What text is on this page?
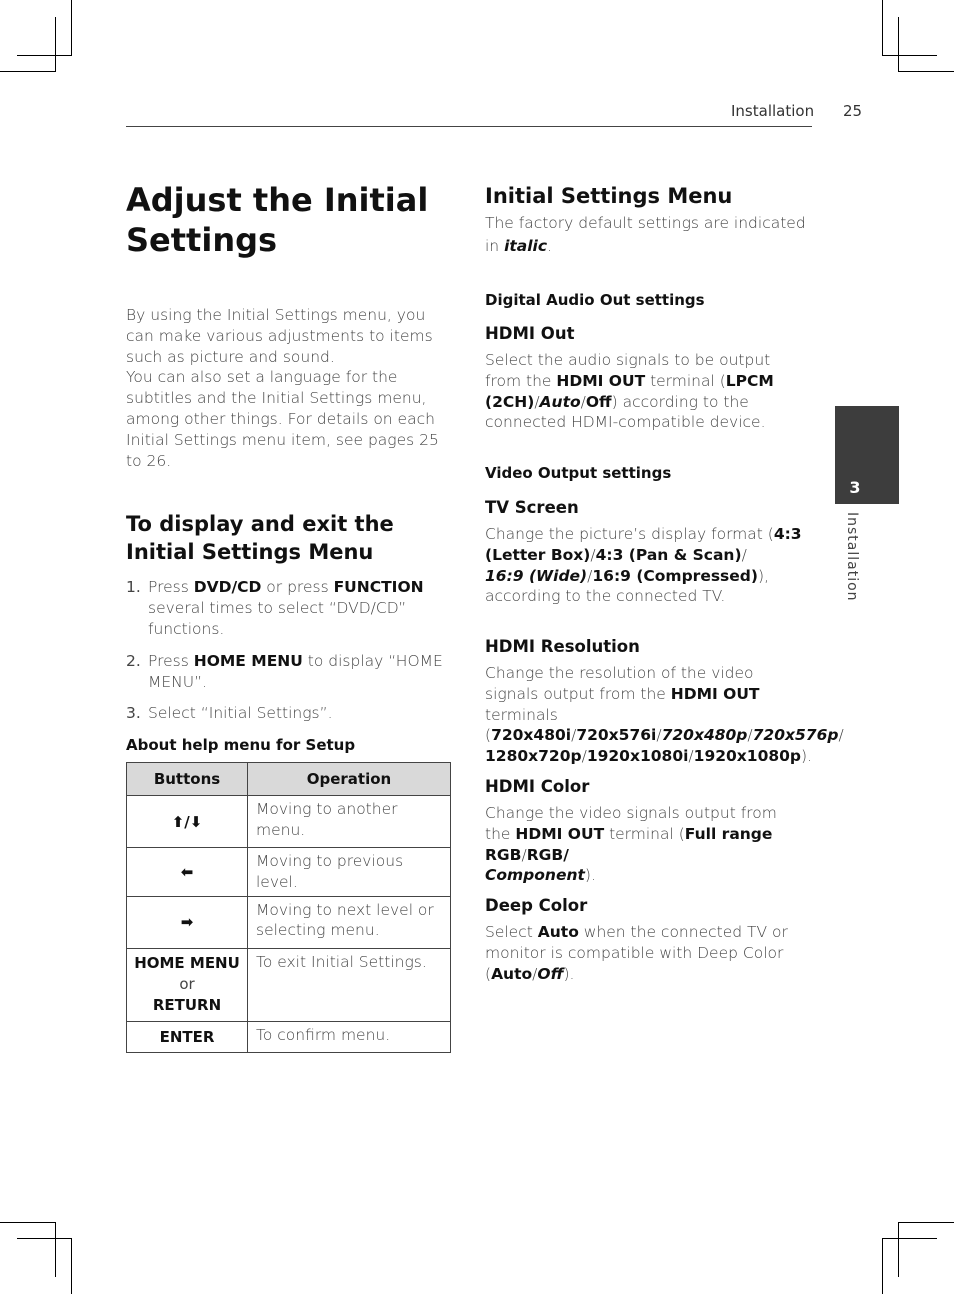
Installation 25
3
Installation
Adjust the Initial
Settings

By using the Initial Settings menu, you can make various adjustments to items such as picture and sound.

You can also set a language for the subtitles and the Initial Settings menu, among other things. For details on each Initial Settings menu item, see pages 25 to 26.

To display and exit the Initial Settings Menu
1. Press DVD/CD or press FUNCTION several times to select “DVD/CD” functions.

2. Press HOME MENU to display “HOME MENU”.

3. Select “Initial Settings”.

About help menu for Setup
Buttons	Operation
⬆/⬇	Moving to another menu.
⬅	Moving to previous level.
➡	Moving to next level or selecting menu.
HOME MENU
or
RETURN	To exit Initial Settings.
ENTER	To confirm menu.
Initial Settings Menu

The factory default settings are indicated in italic.

Digital Audio Out settings
HDMI Out

Select the audio signals to be output from the HDMI OUT terminal (LPCM (2CH)/Auto/Off) according to the connected HDMI-compatible device.

Video Output settings
TV Screen

Change the picture’s display format (4:3 (Letter Box)/4:3 (Pan & Scan)/
16:9 (Wide)/16:9 (Compressed)), according to the connected TV.

HDMI Resolution

Change the resolution of the video signals output from the HDMI OUT terminals (720x480i/720x576i/720x480p/720x576p/
1280x720p/1920x1080i/1920x1080p).

HDMI Color

Change the video signals output from the HDMI OUT terminal (Full range RGB/RGB/
Component).

Deep Color

Select Auto when the connected TV or monitor is compatible with Deep Color (Auto/Off).
